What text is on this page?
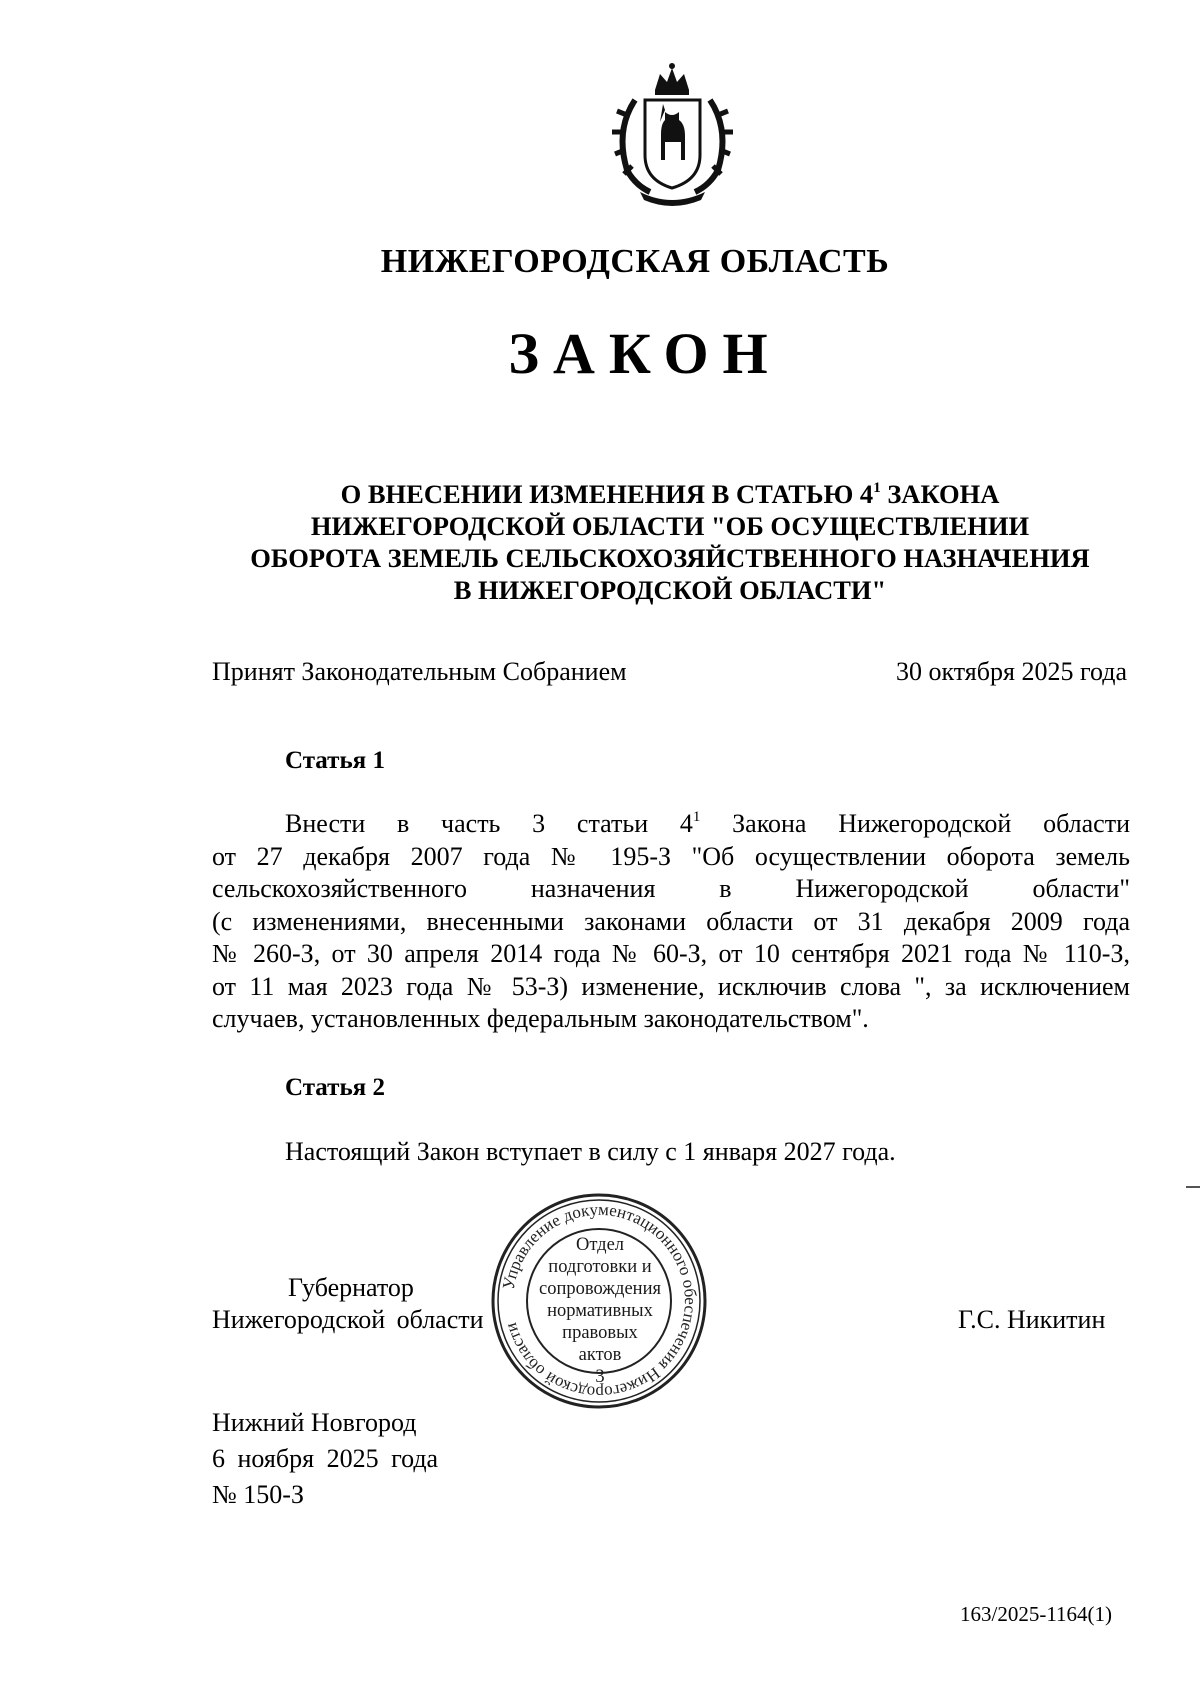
НИЖЕГОРОДСКАЯ ОБЛАСТЬ
ЗАКОН
О ВНЕСЕНИИ ИЗМЕНЕНИЯ В СТАТЬЮ $4^1$ ЗАКОНА
НИЖЕГОРОДСКОЙ ОБЛАСТИ "ОБ ОСУЩЕСТВЛЕНИИ
ОБОРОТА ЗЕМЕЛЬ СЕЛЬСКОХОЗЯЙСТВЕННОГО НАЗНАЧЕНИЯ
В НИЖЕГОРОДСКОЙ ОБЛАСТИ"
Принят Законодательным Собранием	30 октября 2025 года
Статья 1
Внести в часть 3 статьи $4^1$ Закона Нижегородской области
от 27 декабря 2007 года № 195-З "Об осуществлении оборота земель
сельскохозяйственного назначения в Нижегородской области"
(с изменениями, внесенными законами области от 31 декабря 2009 года
№ 260-З, от 30 апреля 2014 года № 60-З, от 10 сентября 2021 года № 110-З,
от 11 мая 2023 года № 53-З) изменение, исключив слова ", за исключением
случаев, установленных федеральным законодательством".
Статья 2
Настоящий Закон вступает в силу с 1 января 2027 года.
Губернатор
Нижегородской области	Г.С. Никитин
Управление документационного обеспечения Нижегородской области
Отдел
подготовки и
сопровождения
нормативных
правовых
актов
3
Нижний Новгород
6 ноября 2025 года
№ 150-З
163/2025-1164(1)
